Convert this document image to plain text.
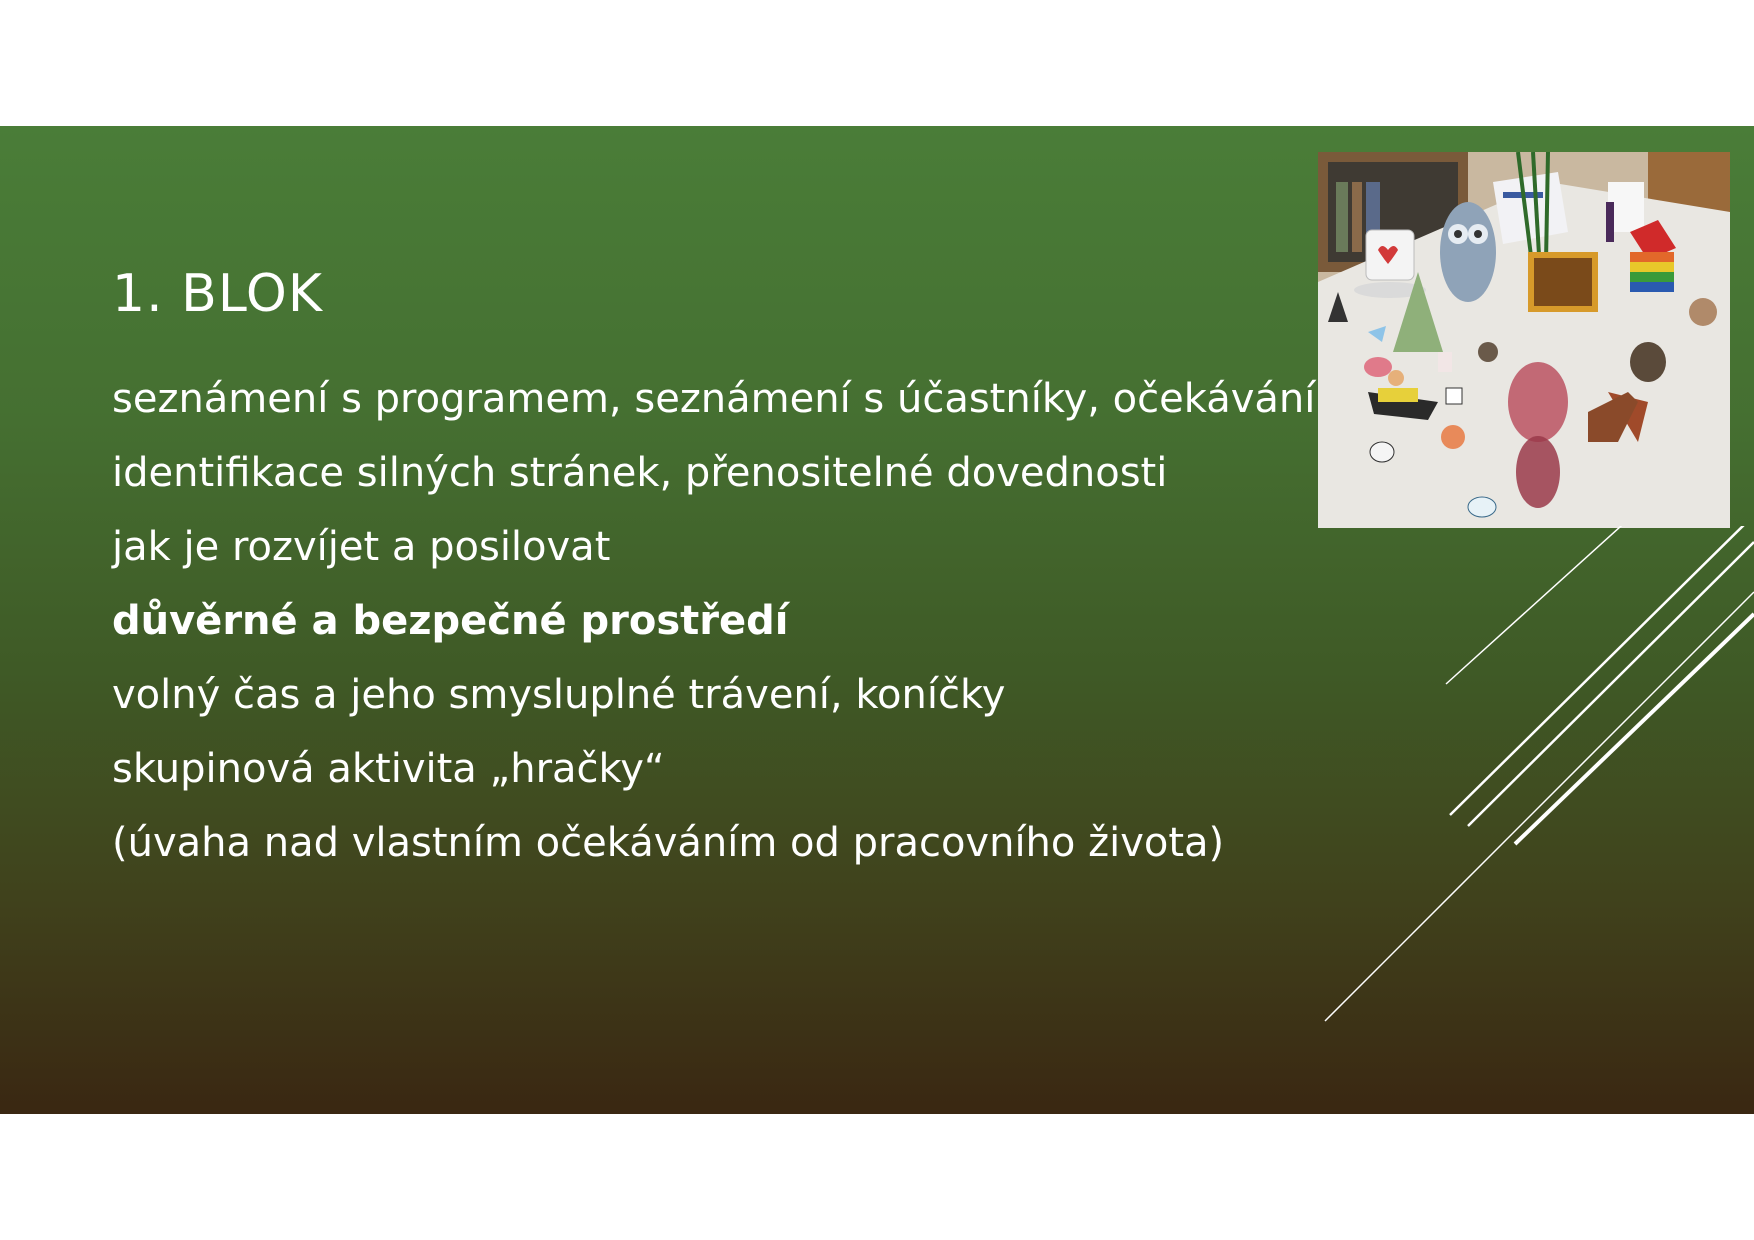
1. BLOK
seznámení s programem, seznámení s účastníky, očekávání
identifikace silných stránek, přenositelné dovednosti
jak je rozvíjet a posilovat
důvěrné a bezpečné prostředí
volný čas a jeho smysluplné trávení, koníčky
skupinová aktivita „hračky“
(úvaha nad vlastním očekáváním od pracovního života)
